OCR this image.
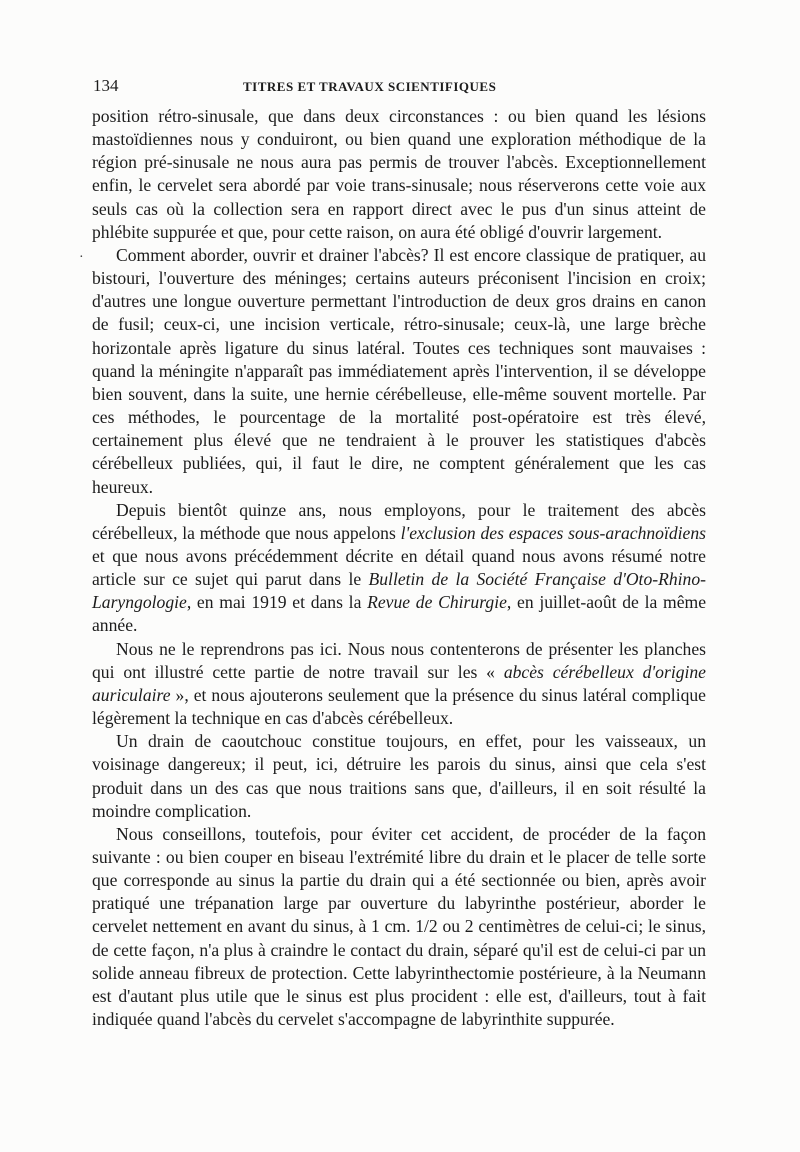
134	TITRES ET TRAVAUX SCIENTIFIQUES
·

position rétro-sinusale, que dans deux circonstances : ou bien quand les lésions mastoïdiennes nous y conduiront, ou bien quand une exploration méthodique de la région pré-sinusale ne nous aura pas permis de trouver l'abcès. Exceptionnellement enfin, le cervelet sera abordé par voie trans-sinusale; nous réserverons cette voie aux seuls cas où la collection sera en rapport direct avec le pus d'un sinus atteint de phlébite suppurée et que, pour cette raison, on aura été obligé d'ouvrir largement.

Comment aborder, ouvrir et drainer l'abcès? Il est encore classique de pratiquer, au bistouri, l'ouverture des méninges; certains auteurs préconisent l'incision en croix; d'autres une longue ouverture permettant l'introduction de deux gros drains en canon de fusil; ceux-ci, une incision verticale, rétro-sinusale; ceux-là, une large brèche horizontale après ligature du sinus latéral. Toutes ces techniques sont mauvaises : quand la méningite n'apparaît pas immédiatement après l'intervention, il se développe bien souvent, dans la suite, une hernie cérébelleuse, elle-même souvent mortelle. Par ces méthodes, le pourcentage de la mortalité post-opératoire est très élevé, certainement plus élevé que ne tendraient à le prouver les statistiques d'abcès cérébelleux publiées, qui, il faut le dire, ne comptent généralement que les cas heureux.

Depuis bientôt quinze ans, nous employons, pour le traitement des abcès cérébelleux, la méthode que nous appelons l'exclusion des espaces sous-arachnoïdiens et que nous avons précédemment décrite en détail quand nous avons résumé notre article sur ce sujet qui parut dans le Bulletin de la Société Française d'Oto-Rhino-Laryngologie, en mai 1919 et dans la Revue de Chirurgie, en juillet-août de la même année.

Nous ne le reprendrons pas ici. Nous nous contenterons de présenter les planches qui ont illustré cette partie de notre travail sur les « abcès cérébelleux d'origine auriculaire », et nous ajouterons seulement que la présence du sinus latéral complique légèrement la technique en cas d'abcès cérébelleux.

Un drain de caoutchouc constitue toujours, en effet, pour les vaisseaux, un voisinage dangereux; il peut, ici, détruire les parois du sinus, ainsi que cela s'est produit dans un des cas que nous traitions sans que, d'ailleurs, il en soit résulté la moindre complication.

Nous conseillons, toutefois, pour éviter cet accident, de procéder de la façon suivante : ou bien couper en biseau l'extrémité libre du drain et le placer de telle sorte que corresponde au sinus la partie du drain qui a été sectionnée ou bien, après avoir pratiqué une trépanation large par ouverture du labyrinthe postérieur, aborder le cervelet nettement en avant du sinus, à 1 cm. 1/2 ou 2 centimètres de celui-ci; le sinus, de cette façon, n'a plus à craindre le contact du drain, séparé qu'il est de celui-ci par un solide anneau fibreux de protection. Cette labyrinthectomie postérieure, à la Neumann est d'autant plus utile que le sinus est plus procident : elle est, d'ailleurs, tout à fait indiquée quand l'abcès du cervelet s'accompagne de labyrinthite suppurée.
